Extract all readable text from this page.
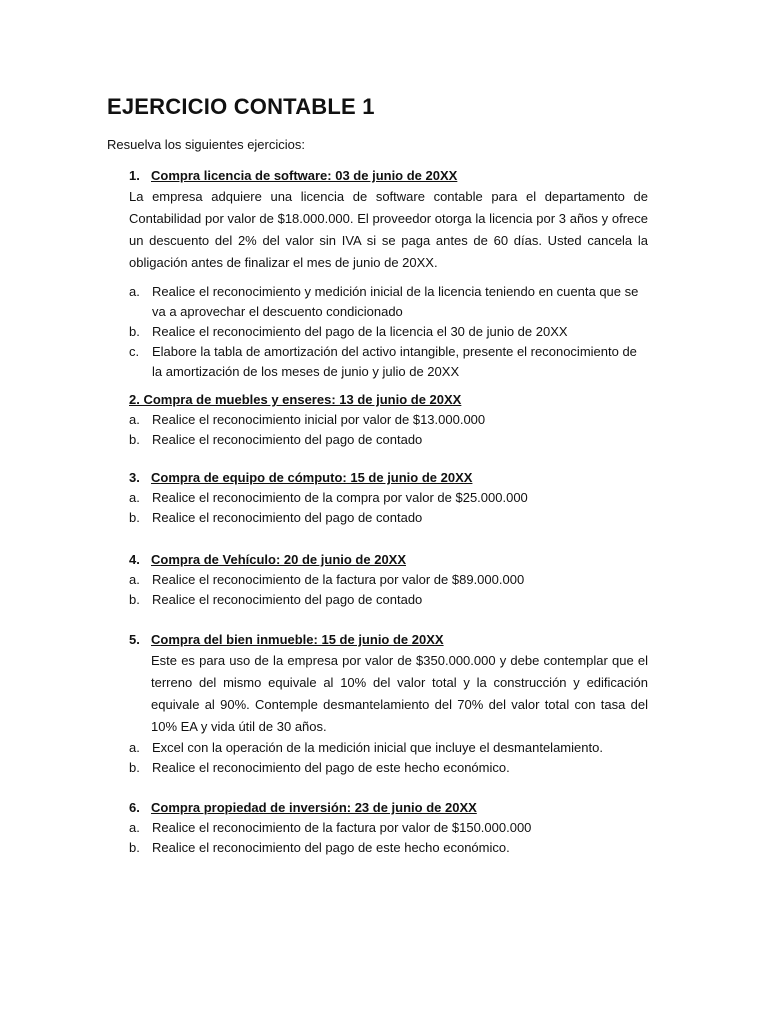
EJERCICIO CONTABLE 1
Resuelva los siguientes ejercicios:
1. Compra licencia de software: 03 de junio de 20XX
La empresa adquiere una licencia de software contable para el departamento de Contabilidad por valor de $18.000.000. El proveedor otorga la licencia por 3 años y ofrece un descuento del 2% del valor sin IVA si se paga antes de 60 días. Usted cancela la obligación antes de finalizar el mes de junio de 20XX.
a. Realice el reconocimiento y medición inicial de la licencia teniendo en cuenta que se va a aprovechar el descuento condicionado
b. Realice el reconocimiento del pago de la licencia el 30 de junio de 20XX
c. Elabore la tabla de amortización del activo intangible, presente el reconocimiento de la amortización de los meses de junio y julio de 20XX
2. Compra de muebles y enseres: 13 de junio de 20XX
a. Realice el reconocimiento inicial por valor de $13.000.000
b. Realice el reconocimiento del pago de contado
3. Compra de equipo de cómputo: 15 de junio de 20XX
a. Realice el reconocimiento de la compra por valor de $25.000.000
b. Realice el reconocimiento del pago de contado
4. Compra de Vehículo: 20 de junio de 20XX
a. Realice el reconocimiento de la factura por valor de $89.000.000
b. Realice el reconocimiento del pago de contado
5. Compra del bien inmueble: 15 de junio de 20XX
Este es para uso de la empresa por valor de $350.000.000 y debe contemplar que el terreno del mismo equivale al 10% del valor total y la construcción y edificación equivale al 90%. Contemple desmantelamiento del 70% del valor total con tasa del 10% EA y vida útil de 30 años.
a. Excel con la operación de la medición inicial que incluye el desmantelamiento.
b. Realice el reconocimiento del pago de este hecho económico.
6. Compra propiedad de inversión: 23 de junio de 20XX
a. Realice el reconocimiento de la factura por valor de $150.000.000
b. Realice el reconocimiento del pago de este hecho económico.
